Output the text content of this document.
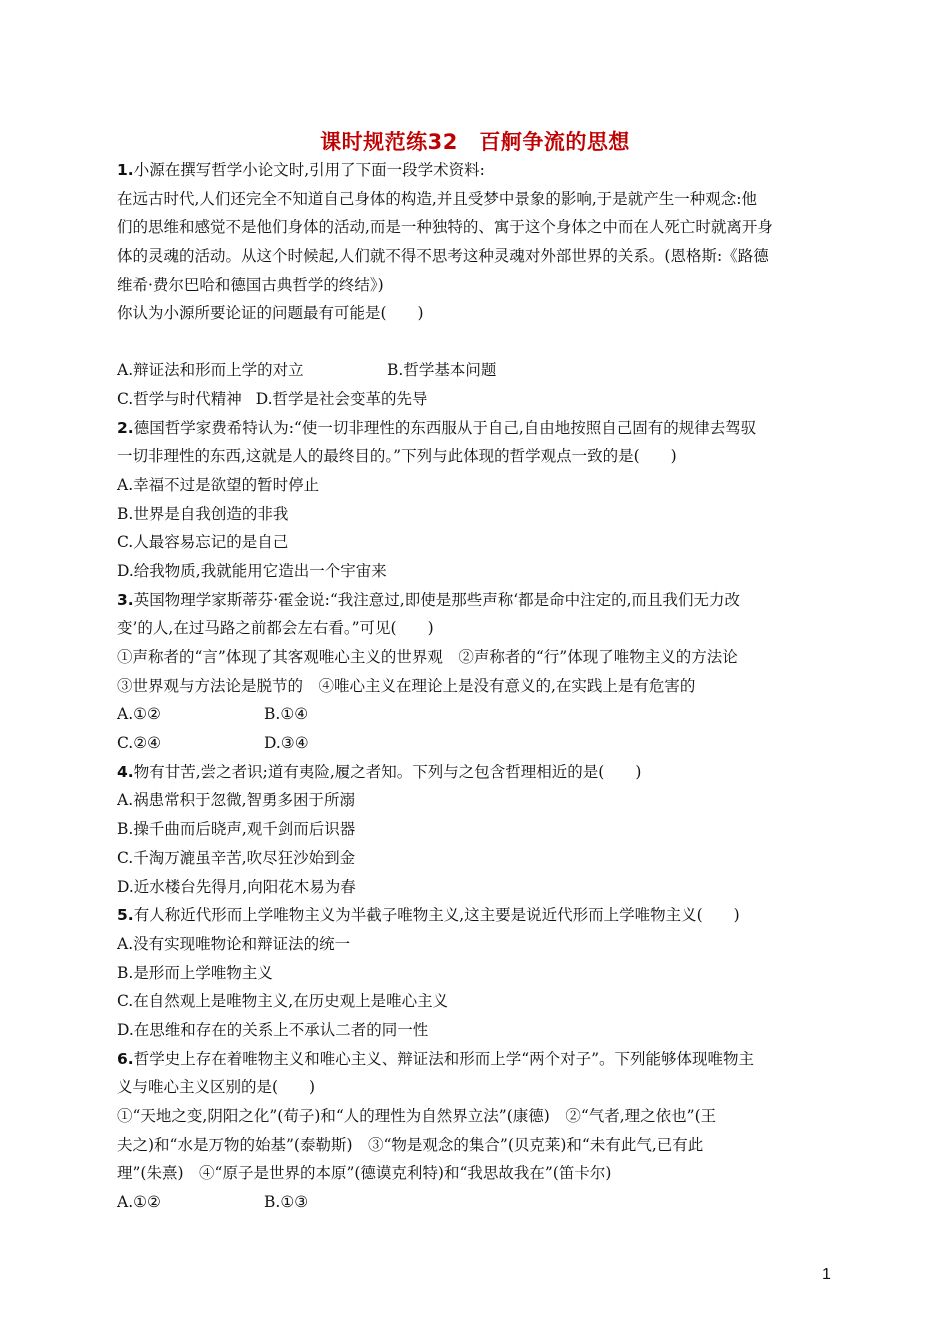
课时规范练32　百舸争流的思想
1.小源在撰写哲学小论文时,引用了下面一段学术资料:
在远古时代,人们还完全不知道自己身体的构造,并且受梦中景象的影响,于是就产生一种观念:他
们的思维和感觉不是他们身体的活动,而是一种独特的、寓于这个身体之中而在人死亡时就离开身
体的灵魂的活动。从这个时候起,人们就不得不思考这种灵魂对外部世界的关系。(恩格斯:《路德
维希·费尔巴哈和德国古典哲学的终结》)
你认为小源所要论证的问题最有可能是(　　)
A.辩证法和形而上学的对立	B.哲学基本问题
C.哲学与时代精神 D.哲学是社会变革的先导
2.德国哲学家费希特认为:“使一切非理性的东西服从于自己,自由地按照自己固有的规律去驾驭
一切非理性的东西,这就是人的最终目的。”下列与此体现的哲学观点一致的是(　　)
A.幸福不过是欲望的暂时停止
B.世界是自我创造的非我
C.人最容易忘记的是自己
D.给我物质,我就能用它造出一个宇宙来
3.英国物理学家斯蒂芬·霍金说:“我注意过,即使是那些声称‘都是命中注定的,而且我们无力改
变’的人,在过马路之前都会左右看。”可见(　　)
①声称者的“言”体现了其客观唯心主义的世界观　②声称者的“行”体现了唯物主义的方法论
③世界观与方法论是脱节的　④唯心主义在理论上是没有意义的,在实践上是有危害的
A.①②	B.①④
C.②④	D.③④
4.物有甘苦,尝之者识;道有夷险,履之者知。下列与之包含哲理相近的是(　　)
A.祸患常积于忽微,智勇多困于所溺
B.操千曲而后晓声,观千剑而后识器
C.千淘万漉虽辛苦,吹尽狂沙始到金
D.近水楼台先得月,向阳花木易为春
5.有人称近代形而上学唯物主义为半截子唯物主义,这主要是说近代形而上学唯物主义(　　)
A.没有实现唯物论和辩证法的统一
B.是形而上学唯物主义
C.在自然观上是唯物主义,在历史观上是唯心主义
D.在思维和存在的关系上不承认二者的同一性
6.哲学史上存在着唯物主义和唯心主义、辩证法和形而上学“两个对子”。下列能够体现唯物主
义与唯心主义区别的是(　　)
①“天地之变,阴阳之化”(荀子)和“人的理性为自然界立法”(康德)　②“气者,理之依也”(王
夫之)和“水是万物的始基”(泰勒斯)　③“物是观念的集合”(贝克莱)和“未有此气,已有此
理”(朱熹)　④“原子是世界的本原”(德谟克利特)和“我思故我在”(笛卡尔)
A.①②	B.①③
1
